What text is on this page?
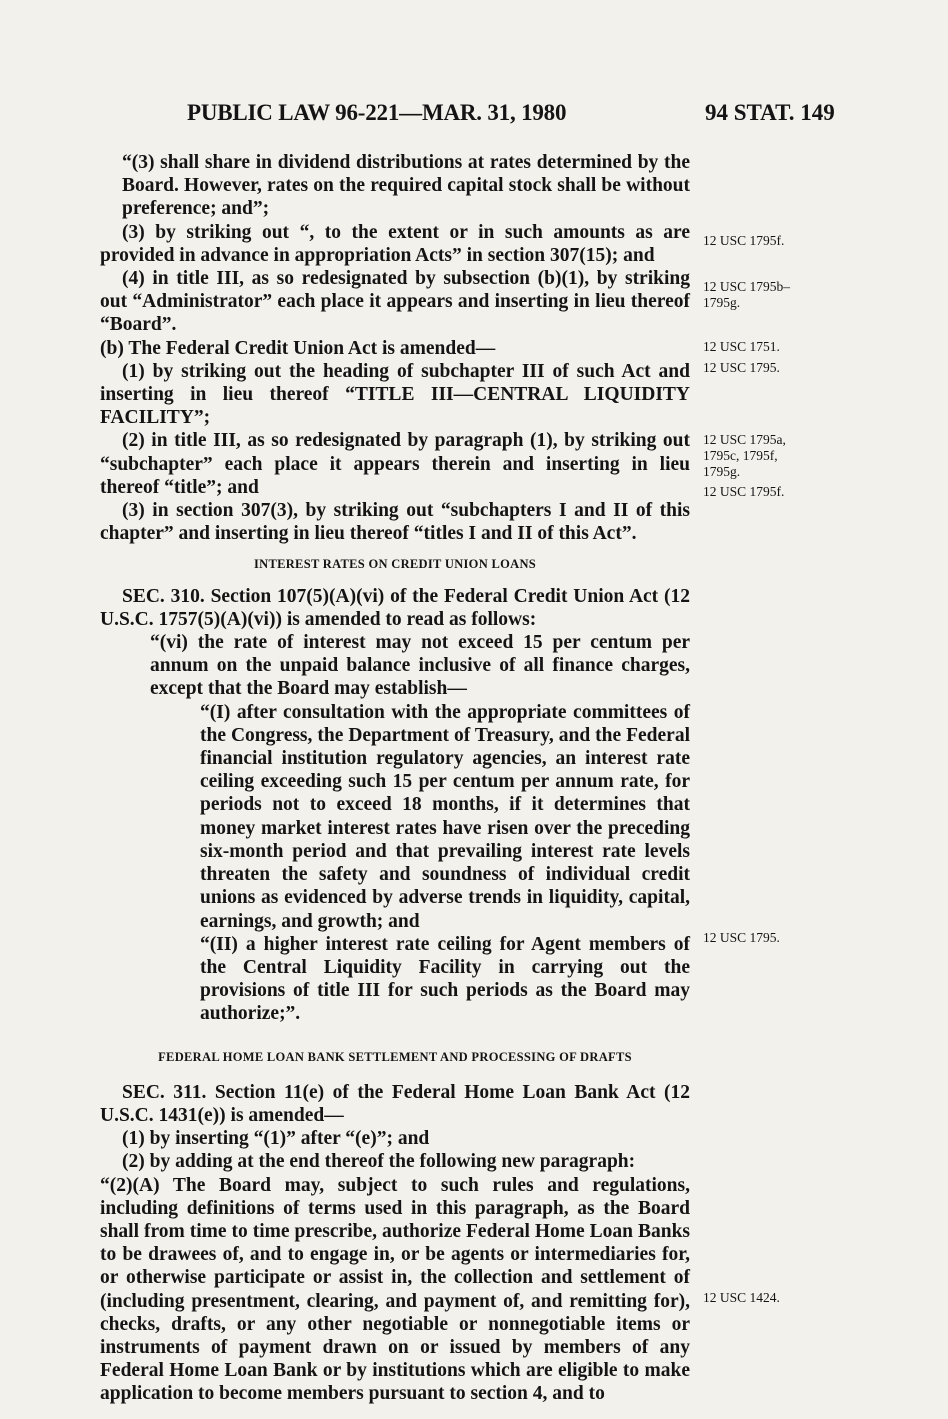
PUBLIC LAW 96-221—MAR. 31, 1980	94 STAT. 149

“(3) shall share in dividend distributions at rates determined by the Board. However, rates on the required capital stock shall be without preference; and”;

(3) by striking out “, to the extent or in such amounts as are provided in advance in appropriation Acts” in section 307(15); and

(4) in title III, as so redesignated by subsection (b)(1), by striking out “Administrator” each place it appears and inserting in lieu thereof “Board”.

(b) The Federal Credit Union Act is amended—

(1) by striking out the heading of subchapter III of such Act and inserting in lieu thereof “TITLE III—CENTRAL LIQUIDITY FACILITY”;

(2) in title III, as so redesignated by paragraph (1), by striking out “subchapter” each place it appears therein and inserting in lieu thereof “title”; and

(3) in section 307(3), by striking out “subchapters I and II of this chapter” and inserting in lieu thereof “titles I and II of this Act”.

INTEREST RATES ON CREDIT UNION LOANS

SEC. 310. Section 107(5)(A)(vi) of the Federal Credit Union Act (12 U.S.C. 1757(5)(A)(vi)) is amended to read as follows:

“(vi) the rate of interest may not exceed 15 per centum per annum on the unpaid balance inclusive of all finance charges, except that the Board may establish—

“(I) after consultation with the appropriate committees of the Congress, the Department of Treasury, and the Federal financial institution regulatory agencies, an interest rate ceiling exceeding such 15 per centum per annum rate, for periods not to exceed 18 months, if it determines that money market interest rates have risen over the preceding six-month period and that prevailing interest rate levels threaten the safety and soundness of individual credit unions as evidenced by adverse trends in liquidity, capital, earnings, and growth; and

“(II) a higher interest rate ceiling for Agent members of the Central Liquidity Facility in carrying out the provisions of title III for such periods as the Board may authorize;”.

FEDERAL HOME LOAN BANK SETTLEMENT AND PROCESSING OF DRAFTS

SEC. 311. Section 11(e) of the Federal Home Loan Bank Act (12 U.S.C. 1431(e)) is amended—

(1) by inserting “(1)” after “(e)”; and

(2) by adding at the end thereof the following new paragraph:

“(2)(A) The Board may, subject to such rules and regulations, including definitions of terms used in this paragraph, as the Board shall from time to time prescribe, authorize Federal Home Loan Banks to be drawees of, and to engage in, or be agents or intermediaries for, or otherwise participate or assist in, the collection and settlement of (including presentment, clearing, and payment of, and remitting for), checks, drafts, or any other negotiable or nonnegotiable items or instruments of payment drawn on or issued by members of any Federal Home Loan Bank or by institutions which are eligible to make application to become members pursuant to section 4, and to

12 USC 1795f.
12 USC 1795b–1795g.
12 USC 1751.
12 USC 1795.
12 USC 1795a, 1795c, 1795f, 1795g.
12 USC 1795f.
12 USC 1795.
12 USC 1424.
